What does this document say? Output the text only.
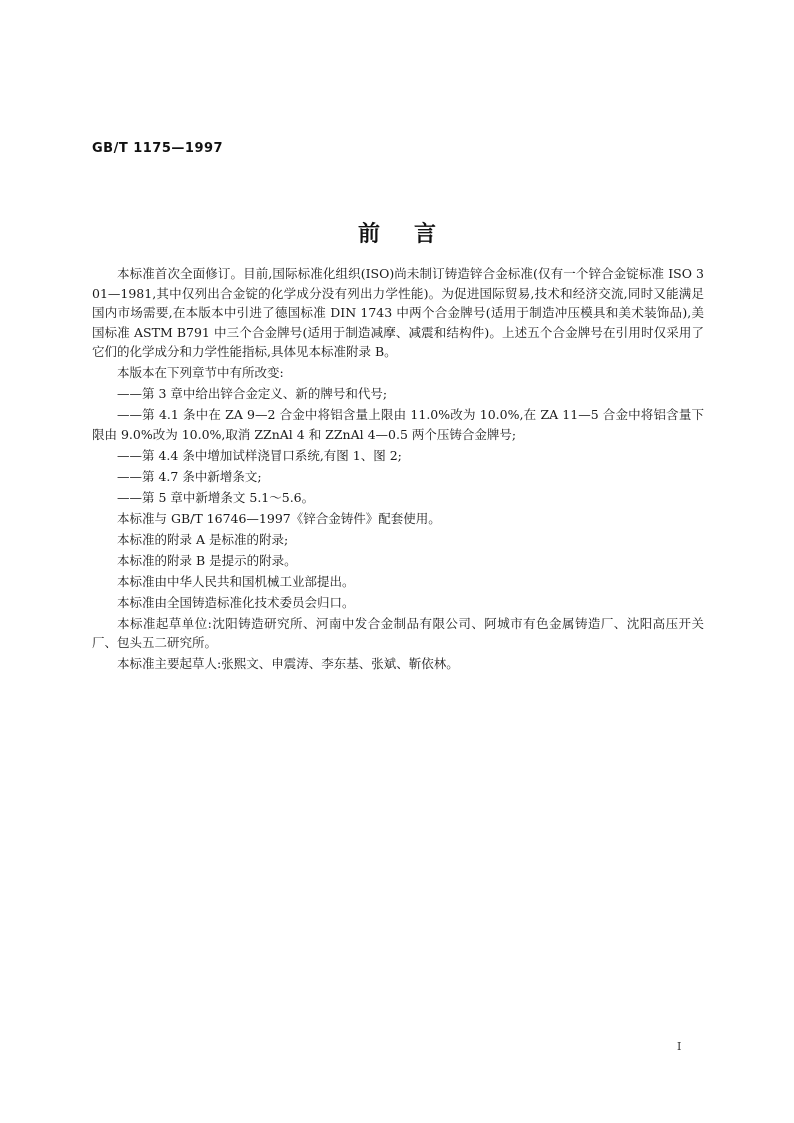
GB/T 1175—1997
前言

本标准首次全面修订。目前,国际标准化组织(ISO)尚未制订铸造锌合金标准(仅有一个锌合金锭标准 ISO 301—1981,其中仅列出合金锭的化学成分没有列出力学性能)。为促进国际贸易,技术和经济交流,同时又能满足国内市场需要,在本版本中引进了德国标准 DIN 1743 中两个合金牌号(适用于制造冲压模具和美术装饰品),美国标准 ASTM B791 中三个合金牌号(适用于制造减摩、减震和结构件)。上述五个合金牌号在引用时仅采用了它们的化学成分和力学性能指标,具体见本标准附录 B。

本版本在下列章节中有所改变:

——第 3 章中给出锌合金定义、新的牌号和代号;

——第 4.1 条中在 ZA 9—2 合金中将铝含量上限由 11.0%改为 10.0%,在 ZA 11—5 合金中将铝含量下限由 9.0%改为 10.0%,取消 ZZnAl 4 和 ZZnAl 4—0.5 两个压铸合金牌号;

——第 4.4 条中增加试样浇冒口系统,有图 1、图 2;

——第 4.7 条中新增条文;

——第 5 章中新增条文 5.1～5.6。

本标准与 GB/T 16746—1997《锌合金铸件》配套使用。

本标准的附录 A 是标准的附录;

本标准的附录 B 是提示的附录。

本标准由中华人民共和国机械工业部提出。

本标准由全国铸造标准化技术委员会归口。

本标准起草单位:沈阳铸造研究所、河南中发合金制品有限公司、阿城市有色金属铸造厂、沈阳高压开关厂、包头五二研究所。

本标准主要起草人:张熙文、申震涛、李东基、张斌、靳依林。

I
